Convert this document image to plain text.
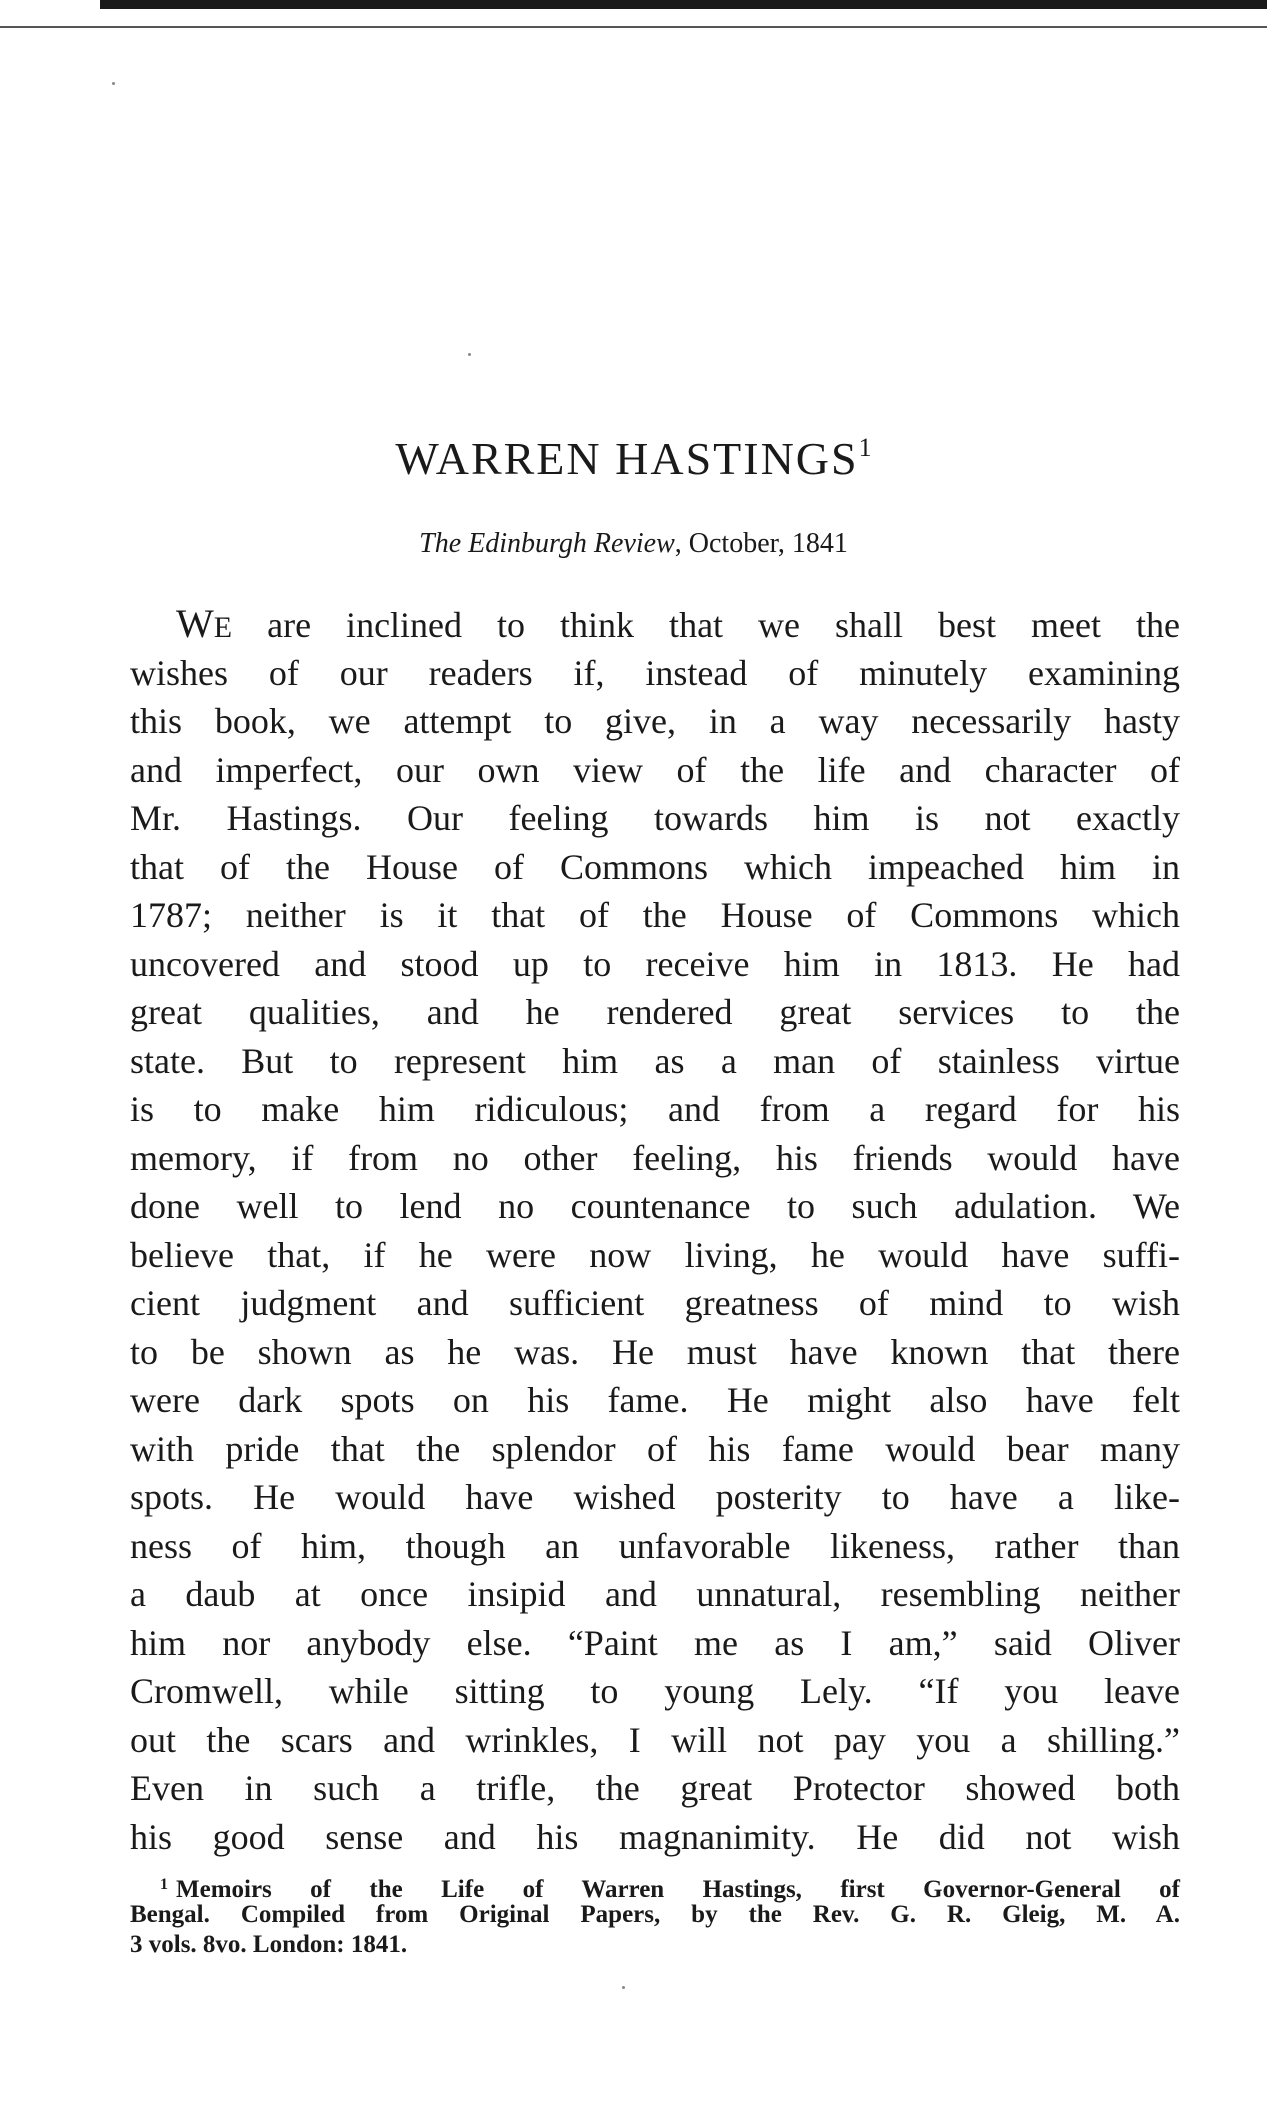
WARREN HASTINGS$^1$
The Edinburgh Review, October, 1841
WE are inclined to think that we shall best meet the
wishes of our readers if, instead of minutely examining
this book, we attempt to give, in a way necessarily hasty
and imperfect, our own view of the life and character of
Mr. Hastings. Our feeling towards him is not exactly
that of the House of Commons which impeached him in
1787; neither is it that of the House of Commons which
uncovered and stood up to receive him in 1813. He had
great qualities, and he rendered great services to the
state. But to represent him as a man of stainless virtue
is to make him ridiculous; and from a regard for his
memory, if from no other feeling, his friends would have
done well to lend no countenance to such adulation. We
believe that, if he were now living, he would have suffi-
cient judgment and sufficient greatness of mind to wish
to be shown as he was. He must have known that there
were dark spots on his fame. He might also have felt
with pride that the splendor of his fame would bear many
spots. He would have wished posterity to have a like-
ness of him, though an unfavorable likeness, rather than
a daub at once insipid and unnatural, resembling neither
him nor anybody else. “Paint me as I am,” said Oliver
Cromwell, while sitting to young Lely. “If you leave
out the scars and wrinkles, I will not pay you a shilling.”
Even in such a trifle, the great Protector showed both
his good sense and his magnanimity. He did not wish
$^1$ Memoirs of the Life of Warren Hastings, first Governor-General of
Bengal. Compiled from Original Papers, by the Rev. G. R. Gleig, M. A.
3 vols. 8vo. London: 1841.
